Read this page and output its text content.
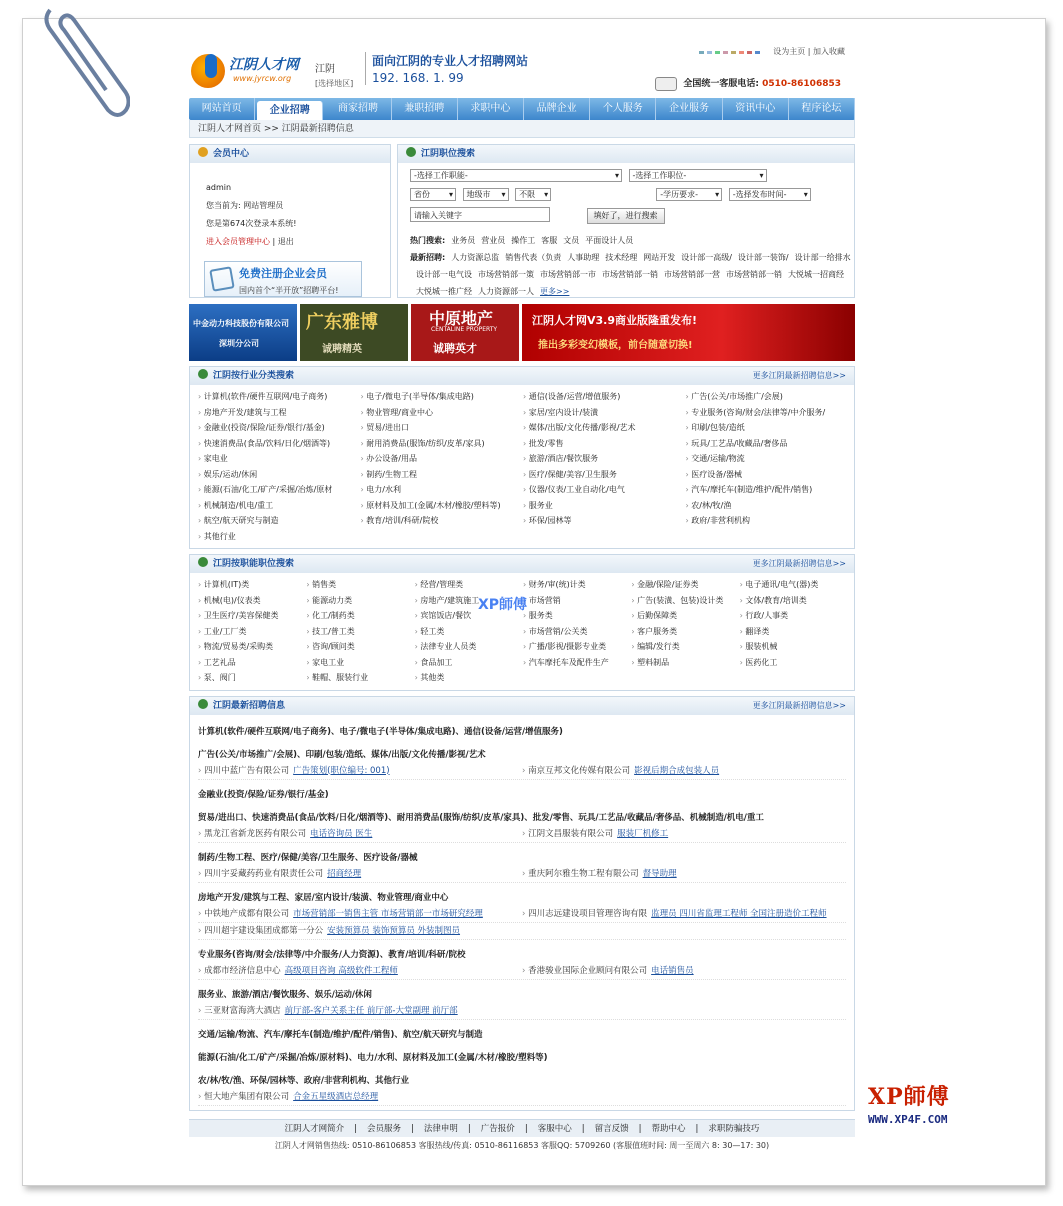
江阴人才网
www.jyrcw.org
江阴
[选择地区]
面向江阴的专业人才招聘网站
192. 168. 1. 99
设为主页 | 加入收藏
全国统一客服电话: 0510-86106853
网站首页	企业招聘	商家招聘	兼职招聘	求职中心	品牌企业	个人服务	企业服务	资讯中心	程序论坛
江阴人才网首页 >> 江阴最新招聘信息
会员中心
admin
您当前为: 网站管理员
您是第674次登录本系统!
进入会员管理中心 | 退出
免费注册企业会员
国内首个“半开放”招聘平台!
江阴职位搜索
-选择工作职能- ▾	-选择工作职位- ▾
省份 ▾	地级市 ▾	不限 ▾	-学历要求- ▾	-选择发布时间- ▾
请输入关键字	填好了，进行搜索
热门搜索: 业务员 营业员 操作工 客服 文员 平面设计人员
最新招聘: 人力资源总监 销售代表（负责 人事助理 技术经理 网站开发 设计部一高级/ 设计部一装饰/ 设计部一给排水设计部一电气设 市场营销部一策 市场营销部一市 市场营销部一销 市场营销部一营 市场营销部一销 大悦城一招商经大悦城一推广经 人力资源部一人 更多>>
中金动力科技股份有限公司
深圳分公司
广东雅博
诚聘精英
中原地产
CENTALINE PROPERTY
诚聘英才
江阴人才网V3.9商业版隆重发布!
推出多彩变幻模板，前台随意切换!
江阴按行业分类搜索	更多江阴最新招聘信息>>
› 计算机(软件/硬件互联网/电子商务)	› 电子/微电子(半导体/集成电路)	› 通信(设备/运营/增值服务)	› 广告(公关/市场推广/会展)
› 房地产开发/建筑与工程	› 物业管理/商业中心	› 家居/室内设计/装潢	› 专业服务(咨询/财会/法律等/中介服务/
› 金融业(投资/保险/证券/银行/基金)	› 贸易/进出口	› 媒体/出版/文化传播/影视/艺术	› 印刷/包装/造纸
› 快速消费品(食品/饮料/日化/烟酒等)	› 耐用消费品(服饰/纺织/皮革/家具)	› 批发/零售	› 玩具/工艺品/收藏品/奢侈品
› 家电业	› 办公设备/用品	› 旅游/酒店/餐饮服务	› 交通/运输/物流
› 娱乐/运动/休闲	› 制药/生物工程	› 医疗/保健/美容/卫生服务	› 医疗设备/器械
› 能源(石油/化工/矿产/采掘/冶炼/原材	› 电力/水利	› 仪器/仪表/工业自动化/电气	› 汽车/摩托车(制造/维护/配件/销售)
› 机械制造/机电/重工	› 原材料及加工(金属/木材/橡胶/塑料等)	› 服务业	› 农/林/牧/渔
› 航空/航天研究与制造	› 教育/培训/科研/院校	› 环保/园林等	› 政府/非营利机构
› 其他行业
江阴按职能职位搜索	更多江阴最新招聘信息>>
› 计算机(IT)类	› 销售类	› 经营/管理类	› 财务/审(统)计类	› 金融/保险/证券类	› 电子通讯/电气(器)类
› 机械(电)/仪表类	› 能源动力类	› 房地产/建筑施工	› 市场营销	› 广告(装潢、包装)设计类	› 文体/教育/培训类
› 卫生医疗/美容保健类	› 化工/制药类	› 宾馆饭店/餐饮	› 服务类	› 后勤保障类	› 行政/人事类
› 工业/工厂类	› 技工/普工类	› 轻工类	› 市场营销/公关类	› 客户服务类	› 翻译类
› 物流/贸易类/采购类	› 咨询/顾问类	› 法律专业人员类	› 广播/影视/摄影专业类	› 编辑/发行类	› 服装机械
› 工艺礼品	› 家电工业	› 食品加工	› 汽车摩托车及配件生产	› 塑料制品	› 医药化工
› 泵、阀门	› 鞋帽、服装行业	› 其他类
江阴最新招聘信息	更多江阴最新招聘信息>>
计算机(软件/硬件互联网/电子商务)、电子/微电子(半导体/集成电路)、通信(设备/运营/增值服务)
广告(公关/市场推广/会展)、印刷/包装/造纸、媒体/出版/文化传播/影视/艺术
› 四川中蓝广告有限公司 广告策划(职位编号: 001)	› 南京互邦文化传媒有限公司 影视后期合成包装人员
金融业(投资/保险/证券/银行/基金)
贸易/进出口、快速消费品(食品/饮料/日化/烟酒等)、耐用消费品(服饰/纺织/皮革/家具)、批发/零售、玩具/工艺品/收藏品/奢侈品、机械制造/机电/重工
› 黑龙江省新龙医药有限公司 电话咨询员 医生	› 江阴文昌服装有限公司 服装厂机修工
制药/生物工程、医疗/保健/美容/卫生服务、医疗设备/器械
› 四川宇妥藏药药业有限责任公司 招商经理	› 重庆阿尔雅生物工程有限公司 督导助理
房地产开发/建筑与工程、家居/室内设计/装潢、物业管理/商业中心
› 中铁地产成都有限公司 市场营销部一销售主管 市场营销部一市场研究经理	› 四川志远建设项目管理咨询有限 监理员 四川省监理工程师 全国注册造价工程师
› 四川超宇建设集团成都第一分公 安装预算员 装饰预算员 外装制图员
专业服务(咨询/财会/法律等/中介服务/人力资源)、教育/培训/科研/院校
› 成都市经济信息中心 高级项目咨询 高级软件工程师	› 香港骏业国际企业顾问有限公司 电话销售员
服务业、旅游/酒店/餐饮服务、娱乐/运动/休闲
› 三亚财富海湾大酒店 前厅部-客户关系主任 前厅部-大堂副理 前厅部
交通/运输/物流、汽车/摩托车(制造/维护/配件/销售)、航空/航天研究与制造
能源(石油/化工/矿产/采掘/冶炼/原材料)、电力/水利、原材料及加工(金属/木材/橡胶/塑料等)
农/林/牧/渔、环保/园林等、政府/非营利机构、其他行业
› 恒大地产集团有限公司 合金五星级酒店总经理
江阴人才网简介 | 会员服务 | 法律申明 | 广告报价 | 客服中心 | 留言反馈 | 帮助中心 | 求职防骗技巧
江阴人才网销售热线: 0510-86106853 客服热线/传真: 0510-86116853 客服QQ: 5709260 (客服值班时间: 周一至周六 8: 30—17: 30)
XP師傅
XP師傅
WWW.XP4F.COM
